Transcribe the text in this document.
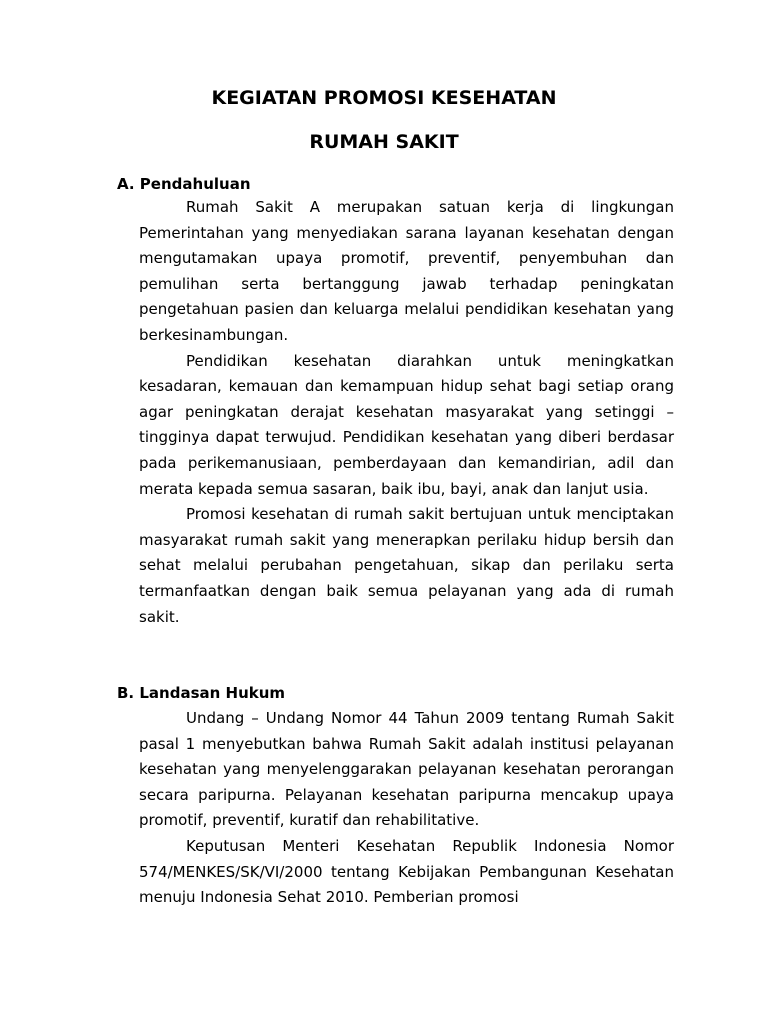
KEGIATAN PROMOSI KESEHATAN
RUMAH SAKIT
A. Pendahuluan

Rumah Sakit A merupakan satuan kerja di lingkungan Pemerintahan yang menyediakan sarana layanan kesehatan dengan mengutamakan upaya promotif, preventif, penyembuhan dan pemulihan serta bertanggung jawab terhadap peningkatan pengetahuan pasien dan keluarga melalui pendidikan kesehatan yang berkesinambungan.

Pendidikan kesehatan diarahkan untuk meningkatkan kesadaran, kemauan dan kemampuan hidup sehat bagi setiap orang agar peningkatan derajat kesehatan masyarakat yang setinggi – tingginya dapat terwujud. Pendidikan kesehatan yang diberi berdasar pada perikemanusiaan, pemberdayaan dan kemandirian, adil dan merata kepada semua sasaran, baik ibu, bayi, anak dan lanjut usia.

Promosi kesehatan di rumah sakit bertujuan untuk menciptakan masyarakat rumah sakit yang menerapkan perilaku hidup bersih dan sehat melalui perubahan pengetahuan, sikap dan perilaku serta termanfaatkan dengan baik semua pelayanan yang ada di rumah sakit.

B. Landasan Hukum

Undang – Undang Nomor 44 Tahun 2009 tentang Rumah Sakit pasal 1 menyebutkan bahwa Rumah Sakit adalah institusi pelayanan kesehatan yang menyelenggarakan pelayanan kesehatan perorangan secara paripurna. Pelayanan kesehatan paripurna mencakup upaya promotif, preventif, kuratif dan rehabilitative.

Keputusan Menteri Kesehatan Republik Indonesia Nomor 574/MENKES/SK/VI/2000 tentang Kebijakan Pembangunan Kesehatan menuju Indonesia Sehat 2010. Pemberian promosi
